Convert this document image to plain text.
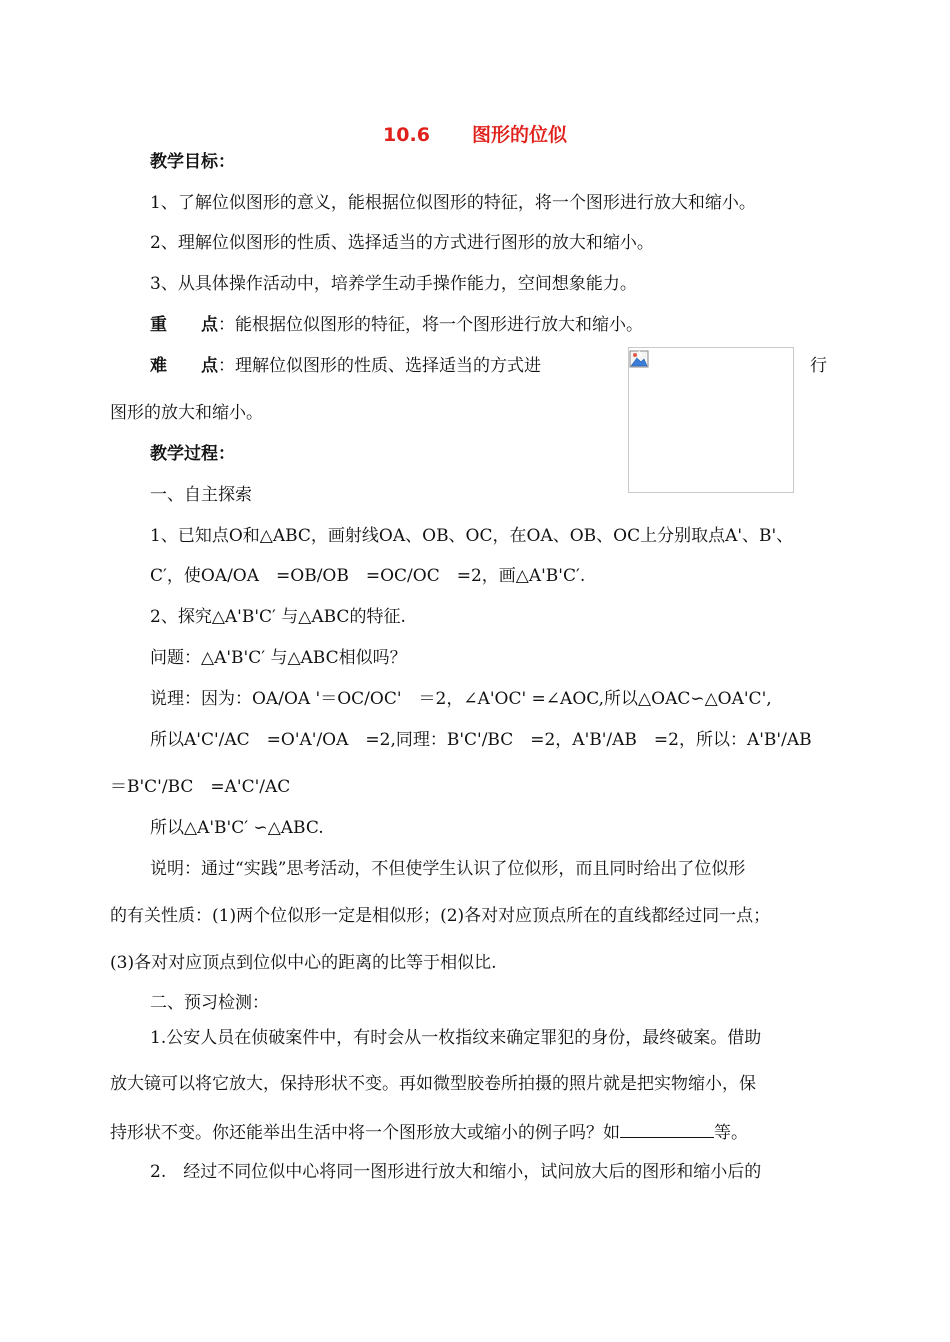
10.6 图形的位似
教学目标：
1、了解位似图形的意义，能根据位似图形的特征，将一个图形进行放大和缩小。
2、理解位似图形的性质、选择适当的方式进行图形的放大和缩小。
3、从具体操作活动中，培养学生动手操作能力，空间想象能力。
重　　点：能根据位似图形的特征，将一个图形进行放大和缩小。
难　　点：理解位似图形的性质、选择适当的方式进	行
图形的放大和缩小。
教学过程：
一、自主探索
1、已知点O和△ABC，画射线OA、OB、OC，在OA、OB、OC上分别取点A'、B'、
C′，使OA/OA　=OB/OB　=OC/OC　=2，画△A'B'C′.
2、探究△A'B'C′ 与△ABC的特征.
问题：△A'B'C′ 与△ABC相似吗？
说理：因为：OA/OA '＝OC/OC'　＝2，∠A'OC' =∠AOC,所以△OAC∽△OA'C',
所以A'C'/AC　=O'A'/OA　=2,同理：B'C'/BC　=2，A'B'/AB　=2，所以：A'B'/AB
＝B'C'/BC　=A'C'/AC
所以△A'B'C′ ∽△ABC.
说明：通过“实践”思考活动，不但使学生认识了位似形，而且同时给出了位似形
的有关性质：(1)两个位似形一定是相似形；(2)各对对应顶点所在的直线都经过同一点；
(3)各对对应顶点到位似中心的距离的比等于相似比.
二、预习检测：
1.公安人员在侦破案件中，有时会从一枚指纹来确定罪犯的身份，最终破案。借助
放大镜可以将它放大，保持形状不变。再如微型胶卷所拍摄的照片就是把实物缩小，保
持形状不变。你还能举出生活中将一个图形放大或缩小的例子吗？如	等。
2.　经过不同位似中心将同一图形进行放大和缩小，试问放大后的图形和缩小后的
